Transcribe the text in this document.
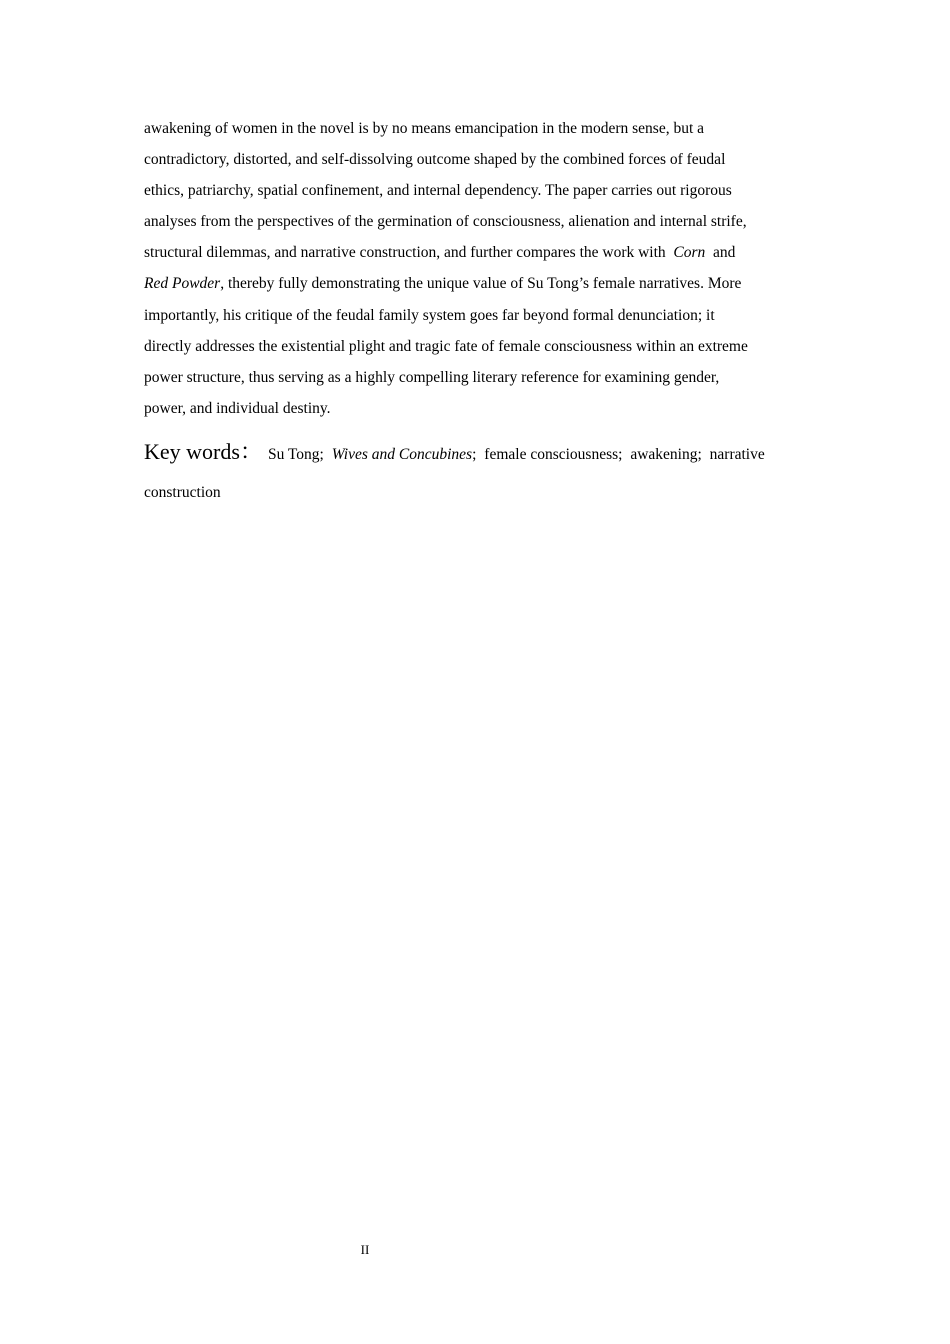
awakening of women in the novel is by no means emancipation in the modern sense, but a
contradictory, distorted, and self-dissolving outcome shaped by the combined forces of feudal
ethics, patriarchy, spatial confinement, and internal dependency. The paper carries out rigorous
analyses from the perspectives of the germination of consciousness, alienation and internal strife,
structural dilemmas, and narrative construction, and further compares the work with Corn and
Red Powder, thereby fully demonstrating the unique value of Su Tong’s female narratives. More
importantly, his critique of the feudal family system goes far beyond formal denunciation; it
directly addresses the existential plight and tragic fate of female consciousness within an extreme
power structure, thus serving as a highly compelling literary reference for examining gender,
power, and individual destiny.
Key words： Su Tong; Wives and Concubines; female consciousness; awakening; narrative
construction
II
